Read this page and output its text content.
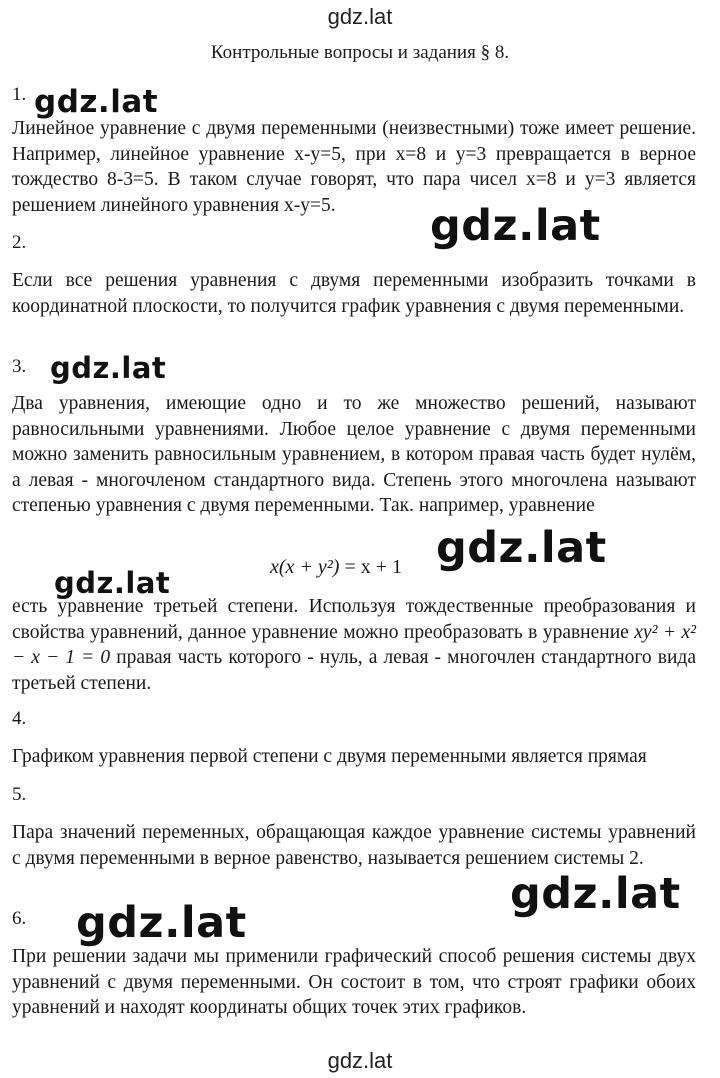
gdz.lat
Контрольные вопросы и задания § 8.
1.
Линейное уравнение с двумя переменными (неизвестными) тоже имеет решение. Например, линейное уравнение x-y=5, при x=8 и y=3 превращается в верное тождество 8-3=5. В таком случае говорят, что пара чисел x=8 и y=3 является решением линейного уравнения x-y=5.
2.
Если все решения уравнения с двумя переменными изобразить точками в координатной плоскости, то получится график уравнения с двумя переменными.
3.
Два уравнения, имеющие одно и то же множество решений, называют равносильными уравнениями. Любое целое уравнение с двумя переменными можно заменить равносильным уравнением, в котором правая часть будет нулём, а левая - многочленом стандартного вида. Степень этого многочлена называют степенью уравнения с двумя переменными. Так. например, уравнение
x(x + y²) = x + 1
есть уравнение третьей степени. Используя тождественные преобразования и свойства уравнений, данное уравнение можно преобразовать в уравнение xy² + x² − x − 1 = 0 правая часть которого - нуль, а левая - многочлен стандартного вида третьей степени.
4.
Графиком уравнения первой степени с двумя переменными является прямая
5.
Пара значений переменных, обращающая каждое уравнение системы уравнений с двумя переменными в верное равенство, называется решением системы 2.
6.
При решении задачи мы применили графический способ решения системы двух уравнений с двумя переменными. Он состоит в том, что строят графики обоих уравнений и находят координаты общих точек этих графиков.
gdz.lat
gdz.lat
gdz.lat
gdz.lat
gdz.lat
gdz.lat
gdz.lat
gdz.lat
